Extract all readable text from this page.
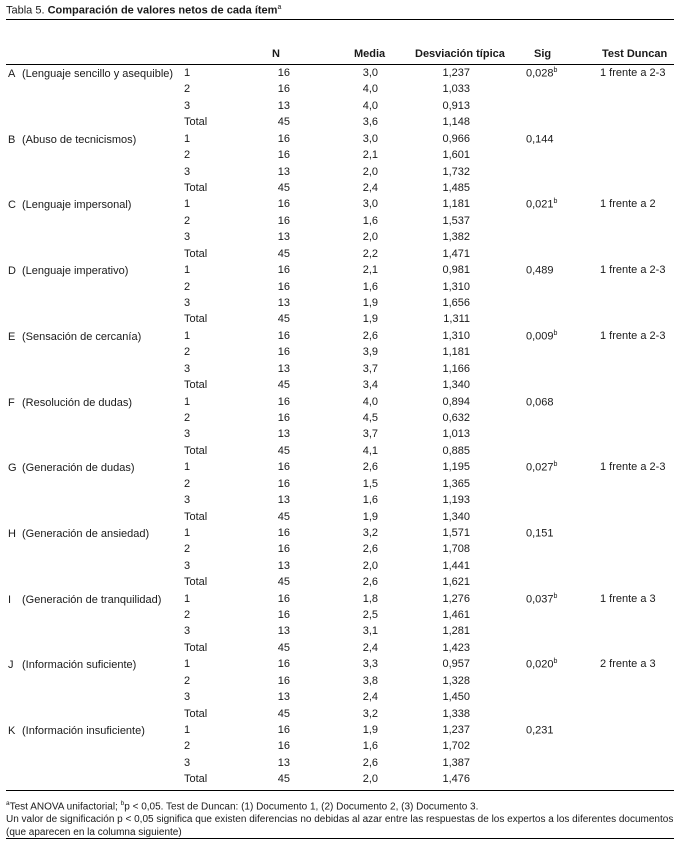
Tabla 5. Comparación de valores netos de cada ítem$^a$
N	Media	Desviación típica	Sig	Test Duncan
A (Lenguaje sencillo y asequible) 1	16	3,0	1,237	0,028$^b$	1 frente a 2-3
2	16	4,0	1,033
3	13	4,0	0,913
Total	45	3,6	1,148
B (Abuso de tecnicismos)	1	16	3,0	0,966	0,144
2	16	2,1	1,601
3	13	2,0	1,732
Total	45	2,4	1,485
C (Lenguaje impersonal)	1	16	3,0	1,181	0,021$^b$	1 frente a 2
2	16	1,6	1,537
3	13	2,0	1,382
Total	45	2,2	1,471
D (Lenguaje imperativo)	1	16	2,1	0,981	0,489	1 frente a 2-3
2	16	1,6	1,310
3	13	1,9	1,656
Total	45	1,9	1,311
E (Sensación de cercanía)	1	16	2,6	1,310	0,009$^b$	1 frente a 2-3
2	16	3,9	1,181
3	13	3,7	1,166
Total	45	3,4	1,340
F (Resolución de dudas)	1	16	4,0	0,894	0,068
2	16	4,5	0,632
3	13	3,7	1,013
Total	45	4,1	0,885
G (Generación de dudas)	1	16	2,6	1,195	0,027$^b$	1 frente a 2-3
2	16	1,5	1,365
3	13	1,6	1,193
Total	45	1,9	1,340
H (Generación de ansiedad)	1	16	3,2	1,571	0,151
2	16	2,6	1,708
3	13	2,0	1,441
Total	45	2,6	1,621
I (Generación de tranquilidad) 1	16	1,8	1,276	0,037$^b$	1 frente a 3
2	16	2,5	1,461
3	13	3,1	1,281
Total	45	2,4	1,423
J (Información suficiente)	1	16	3,3	0,957	0,020$^b$	2 frente a 3
2	16	3,8	1,328
3	13	2,4	1,450
Total	45	3,2	1,338
K (Información insuficiente)	1	16	1,9	1,237	0,231
2	16	1,6	1,702
3	13	2,6	1,387
Total	45	2,0	1,476
$^a$Test ANOVA unifactorial; $^b$p < 0,05. Test de Duncan: (1) Documento 1, (2) Documento 2, (3) Documento 3.
Un valor de significación p < 0,05 significa que existen diferencias no debidas al azar entre las respuestas de los expertos a los diferentes documentos (que aparecen en la columna siguiente)
